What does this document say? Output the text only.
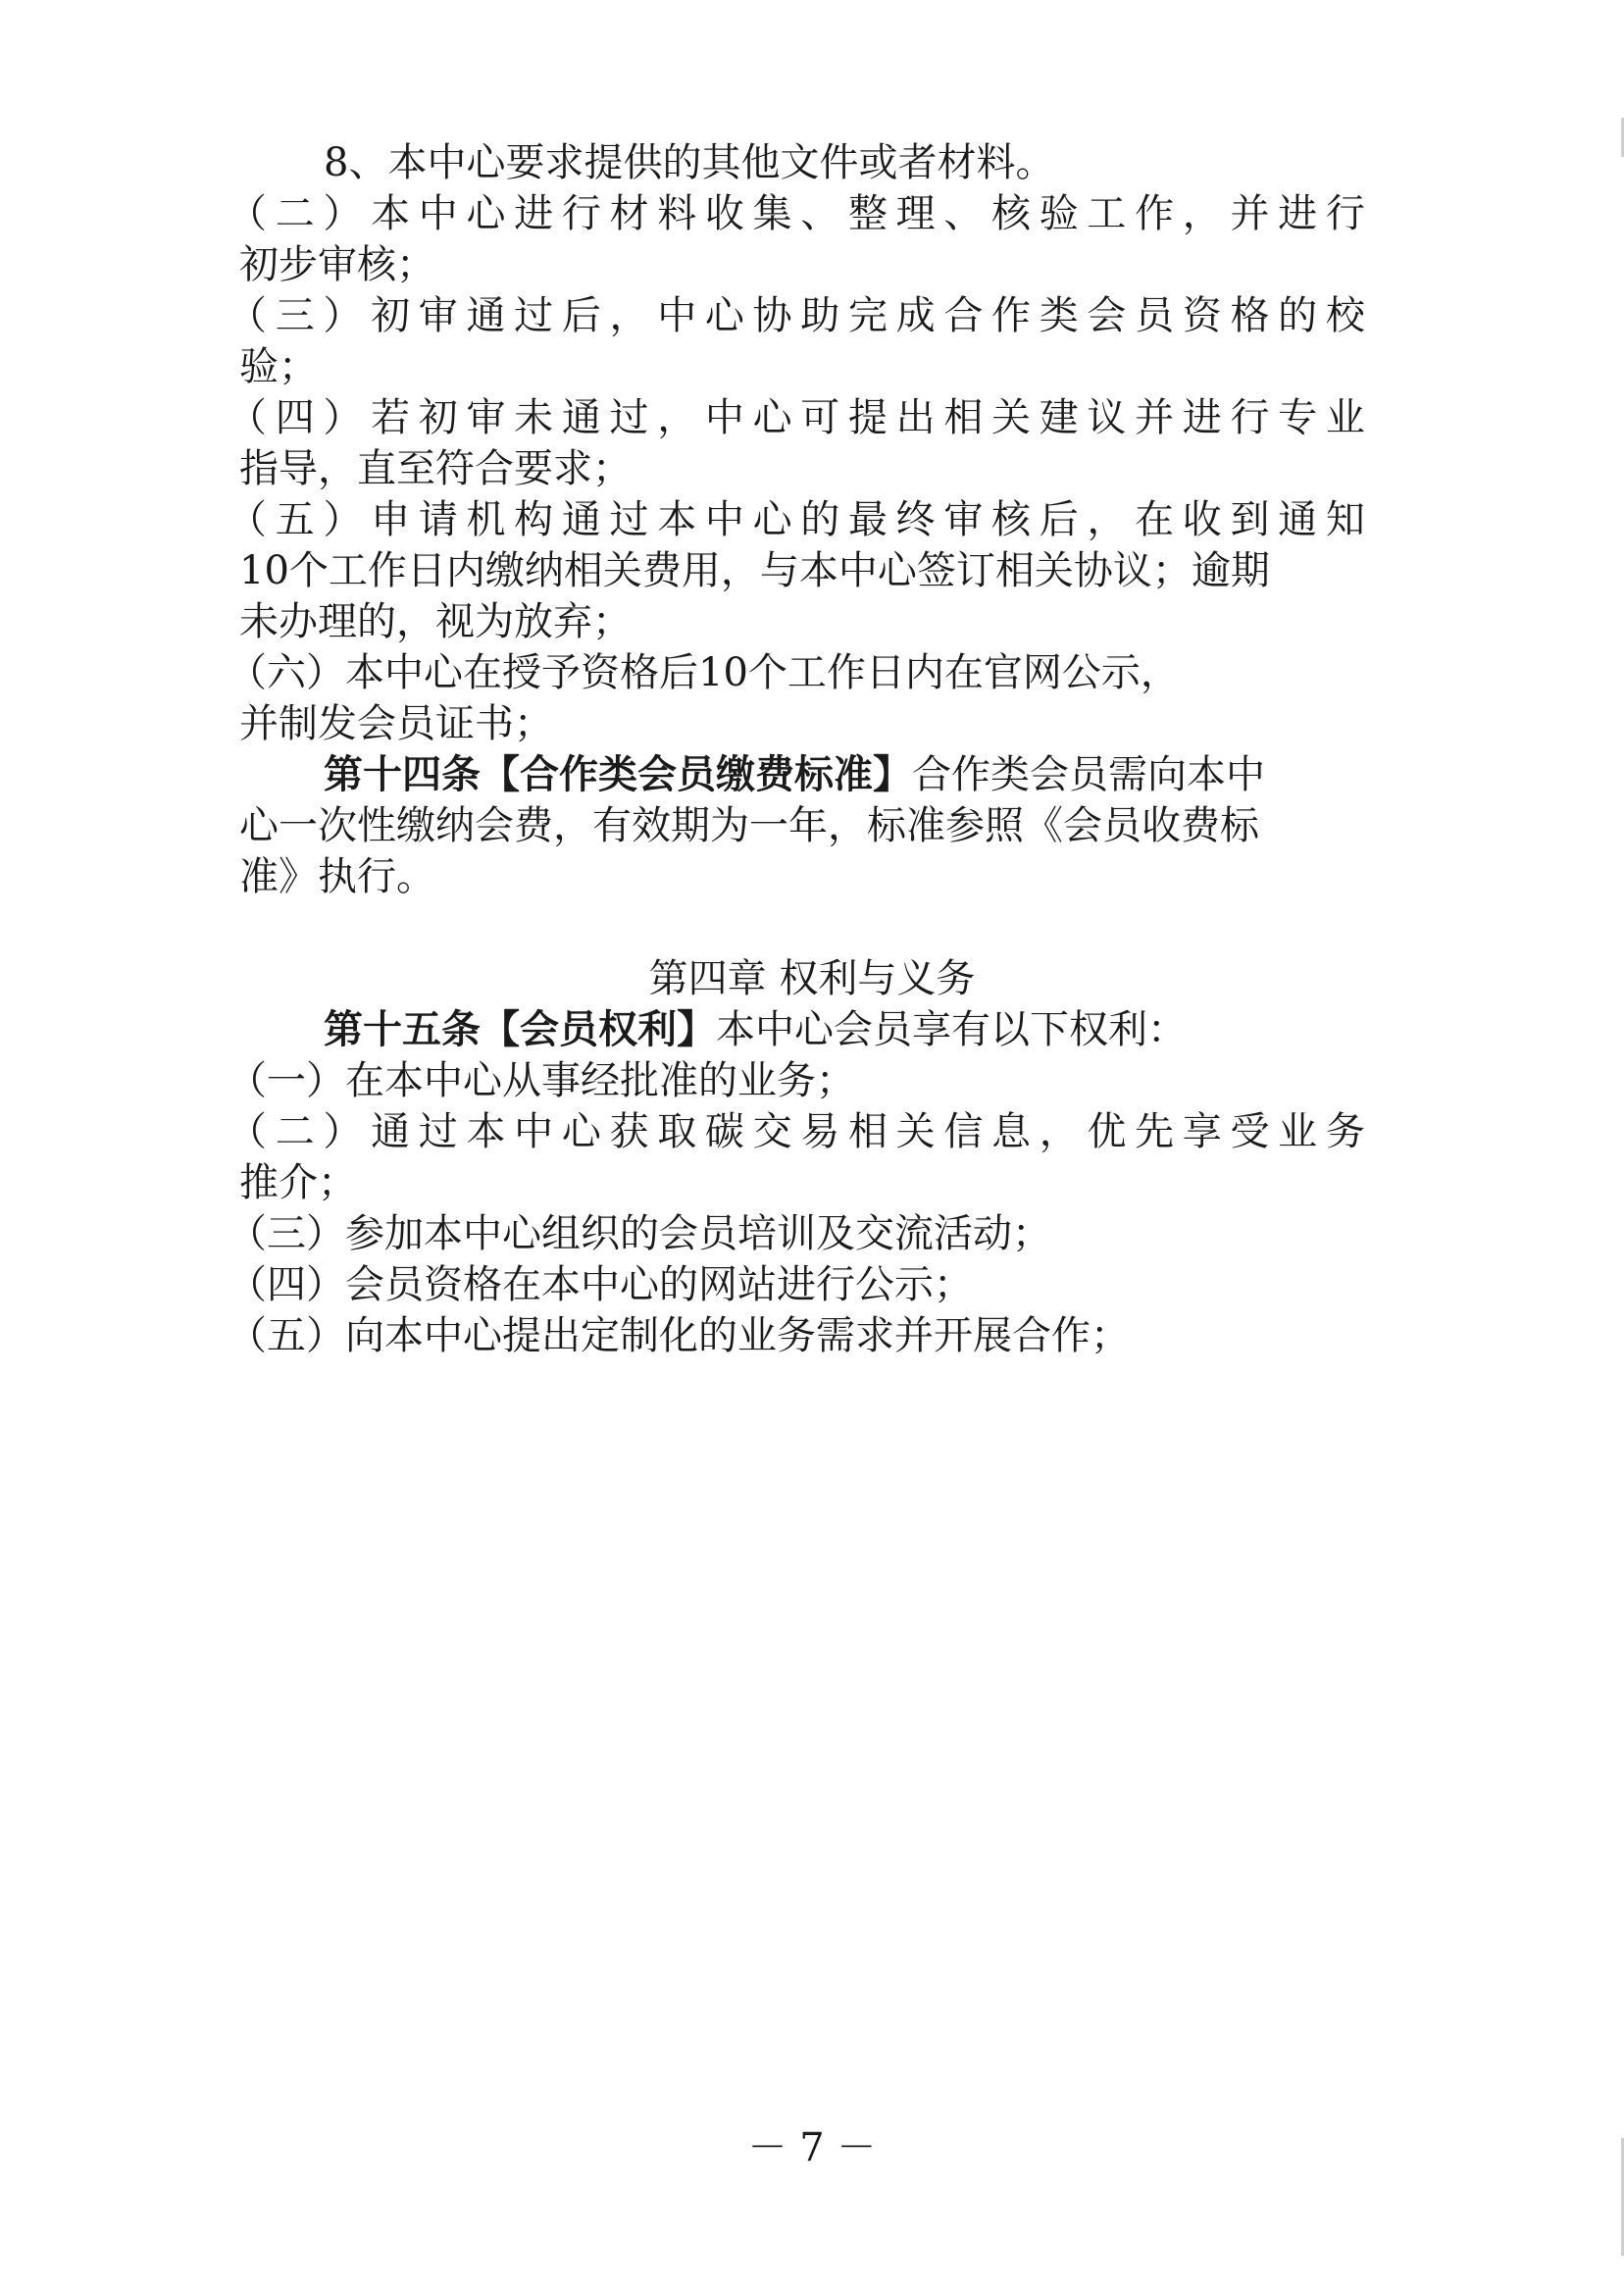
8、本中心要求提供的其他文件或者材料。
（ 二 ） 本 中 心 进 行 材 料 收 集 、 整 理 、 核 验 工 作 ， 并 进 行
初步审核；
（ 三 ） 初 审 通 过 后 ， 中 心 协 助 完 成 合 作 类 会 员 资 格 的 校
验；
（ 四 ） 若 初 审 未 通 过 ， 中 心 可 提 出 相 关 建 议 并 进 行 专 业
指导，直至符合要求；
（ 五 ） 申 请 机 构 通 过 本 中 心 的 最 终 审 核 后 ， 在 收 到 通 知
10个工作日内缴纳相关费用，与本中心签订相关协议；逾期
未办理的，视为放弃；
（六）本中心在授予资格后10个工作日内在官网公示，
并制发会员证书；
第十四条【合作类会员缴费标准】合作类会员需向本中
心一次性缴纳会费，有效期为一年，标准参照《会员收费标
准》执行。
第四章 权利与义务
第十五条【会员权利】本中心会员享有以下权利：
（一）在本中心从事经批准的业务；
（ 二 ） 通 过 本 中 心 获 取 碳 交 易 相 关 信 息 ， 优 先 享 受 业 务
推介；
（三）参加本中心组织的会员培训及交流活动；
（四）会员资格在本中心的网站进行公示；
（五）向本中心提出定制化的业务需求并开展合作；
－ 7 －
